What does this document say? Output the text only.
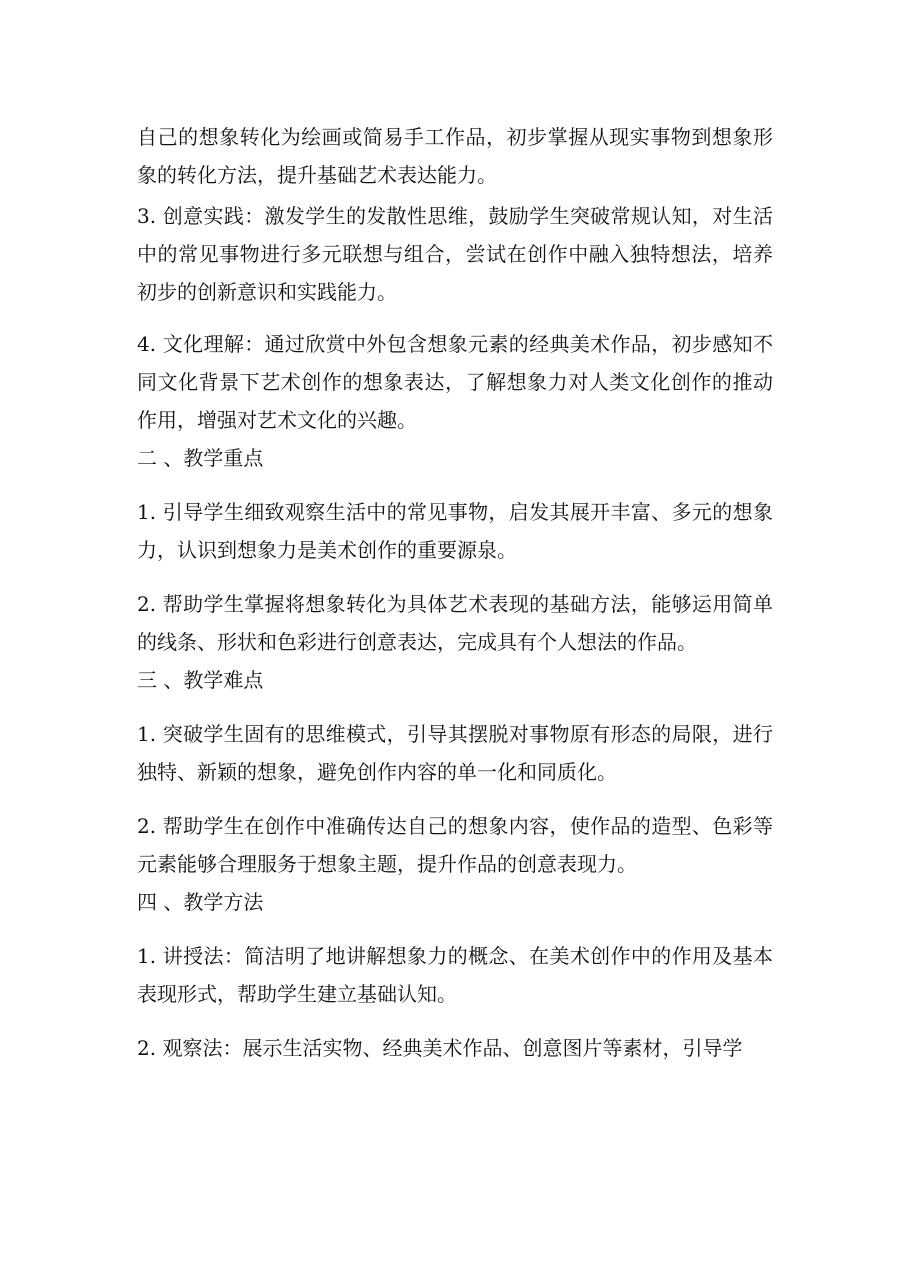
自己的想象转化为绘画或简易手工作品，初步掌握从现实事物到想象形象的转化方法，提升基础艺术表达能力。

3. 创意实践：激发学生的发散性思维，鼓励学生突破常规认知，对生活中的常见事物进行多元联想与组合，尝试在创作中融入独特想法，培养初步的创新意识和实践能力。

4. 文化理解：通过欣赏中外包含想象元素的经典美术作品，初步感知不同文化背景下艺术创作的想象表达，了解想象力对人类文化创作的推动作用，增强对艺术文化的兴趣。

二 、教学重点

1. 引导学生细致观察生活中的常见事物，启发其展开丰富、多元的想象力，认识到想象力是美术创作的重要源泉。

2. 帮助学生掌握将想象转化为具体艺术表现的基础方法，能够运用简单的线条、形状和色彩进行创意表达，完成具有个人想法的作品。

三 、教学难点

1. 突破学生固有的思维模式，引导其摆脱对事物原有形态的局限，进行独特、新颖的想象，避免创作内容的单一化和同质化。

2. 帮助学生在创作中准确传达自己的想象内容，使作品的造型、色彩等元素能够合理服务于想象主题，提升作品的创意表现力。

四 、教学方法

1. 讲授法：简洁明了地讲解想象力的概念、在美术创作中的作用及基本表现形式，帮助学生建立基础认知。

2. 观察法：展示生活实物、经典美术作品、创意图片等素材，引导学
